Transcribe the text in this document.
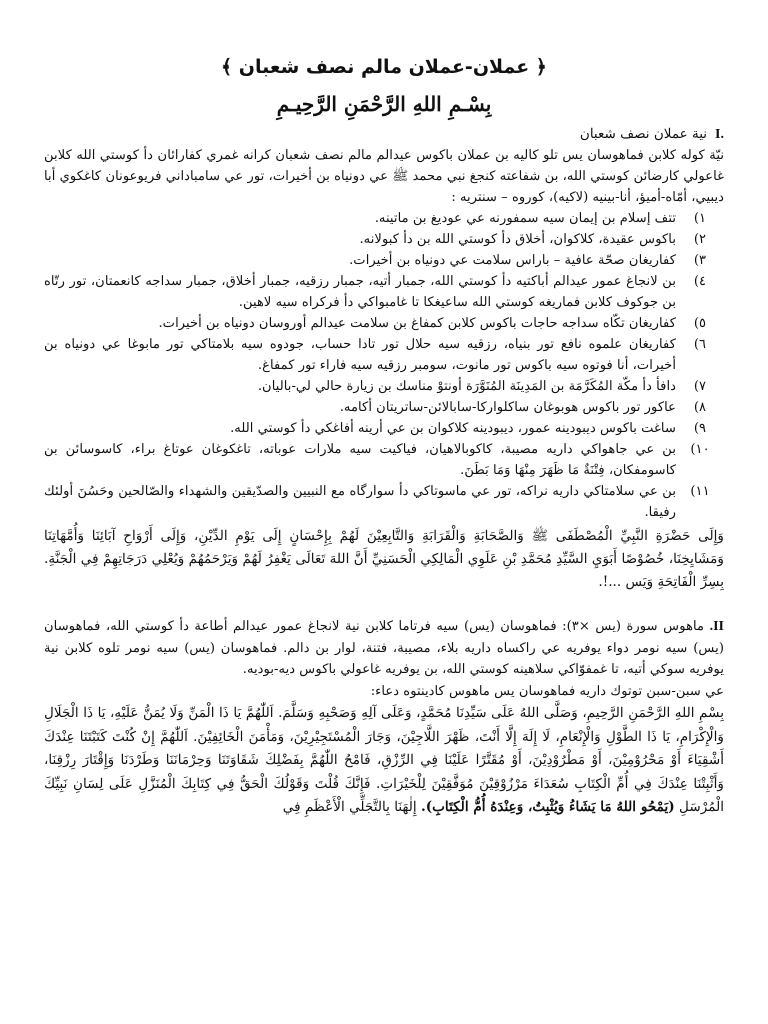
﴿ عملان-عملان مالم نصف شعبان ﴾
بِسْـمِ اللهِ الرَّحْمَنِ الرَّحِيـمِ
I.
نية عملان نصف شعبان

نيّة كوله كلابن فماهوسان يس تلو كاليه بن عملان باكوس عيدالم مالم نصف شعبان كرانه غمري كفارائان دأ كوستي الله كلابن غاعولي كارضائن كوستي الله، بن شفاعته كنجغ نبي محمد ﷺ عي دونياه بن أخيرات، تور عي سامباداني فريوعونان كاغكوي أبا ديبيي، أمّاه-أميؤ، أنا-بينيه (لاكيه)، كوروه – سنتريه :

١)
تتف إسلام بن إيمان سيه سمفورنه عي عوديغ بن ماتينه.
٢)
باكوس عقيدة، كلاكوان، أخلاق دأ كوستي الله بن دأ كبولانه.
٣)
كفاريغان صحّة عافية – باراس سلامت عي دونياه بن أخيرات.
٤)
بن لانجاغ عمور عيدالم أباكتيه دأ كوستي الله، جمبار أتيه، جمبار رزقيه، جمبار أخلاق، جمبار سداجه كانعمتان، تور رتّاه بن جوكوف كلابن فماريغه كوستي الله ساعيغكا تا غامبواكي دأ فركراه سيه لاهين.
٥)
كفاريغان تكّاه سداجه حاجات باكوس كلابن كمفاغ بن سلامت عيدالم أوروسان دونياه بن أخيرات.
٦)
كفاريغان علموه نافع تور بنياه، رزقيه سيه حلال تور تادا حساب، جودوه سيه بلامتاكي تور مابوغا عي دونياه بن أخيرات، أنا فوتوه سيه باكوس تور مانوت، سومبر رزقيه سيه فاراء تور كمفاغ.
٧)
دافأ دأ مكّة المُكَرَّمَة بن المَدِينَة المُنَوَّرَة أونتوْ مناسك بن زيارة حالي لي-باليان.
٨)
عاكور تور باكوس هوبوغان ساكلواركا-سابالائن-ساتريتان أكامه.
٩)
ساغت باكوس ديبودينه عمور، ديبودينه كلاكوان بن عي أرينه أفاغكي دأ كوستي الله.
١٠)
بن عي جاهواكي داريه مصيبة، كاكوبالاهيان، فياكيت سيه ملارات عوباته، تاغكوغان عوتاغ براء، كاسوسائن بن كاسومفكان، فِتْنَةٌ مَا ظَهَرَ مِنْهَا وَمَا بَطَنَ.
١١)
بن عي سلامتاكي داريه نراكه، تور عي ماسوتاكي دأ سوارگاه مع النبيين والصدّيقين والشهداء والصّالحين وحَسُنَ أولئك رفيقا.

وَإِلَى حَضْرَةِ النَّبِيِّ الْمُصْطَفَى ﷺ وَالصَّحَابَةِ وَالْقَرَابَةِ وَالتَّابِعِيْنَ لَهُمْ بِإِحْسَانٍ إِلَى يَوْمِ الدِّيْنِ، وَإِلَى أَرْوَاحِ آبَائِنَا وَأُمَّهَاتِنَا وَمَشَايِخِنَا، خُصُوْصًا أَبَوَيِ السَّيِّدِ مُحَمَّدِ بْنِ عَلَوِي الْمَالِكِي الْحَسَنِيِّ أَنَّ اللهَ تَعَالَى يَغْفِرُ لَهُمْ وَيَرْحَمُهُمْ وَيُعْلِي دَرَجَاتِهِمْ فِي الْجَنَّةِ. بِسِرِّ الْفَاتِحَةِ وَيَس ...!.

II. ماهوس سورة (يس ×٣): فماهوسان (يس) سيه فرتاما كلابن نية لانجاغ عمور عيدالم أطاعة دأ كوستي الله، فماهوسان (يس) سيه نومر دواء يوفريه عي راكساه داريه بلاء، مصيبة، فتنة، لوار بن دالم. فماهوسان (يس) سيه نومر تلوه كلابن نية يوفريه سوكي أتيه، تا غمفوّاكي سلاهينه كوستي الله، بن يوفريه غاعولي باكوس ديه-بوديه.

عي سبن-سبن توتوك داريه فماهوسان يس ماهوس كادينتوه دعاء:

بِسْمِ اللهِ الرَّحْمَنِ الرَّحِيمِ، وَصَلَّى اللهُ عَلَى سَيِّدِنَا مُحَمَّدٍ، وَعَلَى آلِهِ وَصَحْبِهِ وَسَلَّمَ. اَللّٰهُمَّ يَا ذَا الْمَنِّ وَلَا يُمَنُّ عَلَيْهِ، يَا ذَا الْجَلَالِ وَالْإِكْرَامِ، يَا ذَا الطَّوْلِ وَالْإِنْعَامِ، لَا إِلَهَ إِلَّا أَنْتَ، ظَهْرَ اللَّاجِيْنَ، وَجَارَ الْمُسْتَجِيْرِيْنَ، وَمَأْمَنَ الْخَائِفِيْنَ. اَللّٰهُمَّ إِنْ كُنْتَ كَتَبْتَنَا عِنْدَكَ أَشْقِيَاءَ أَوْ مَحْرُوْمِيْنَ، أَوْ مَطْرُوْدِيْنَ، أَوْ مُقَتَّرًا عَلَيْنَا فِي الرِّزْقِ، فَامْحُ اللّٰهُمَّ بِفَضْلِكَ شَقَاوَتَنَا وَحِرْمَانَنَا وَطَرْدَنَا وَإِقْتَارَ رِزْقِنَا، وَأَثْبِتْنَا عِنْدَكَ فِي أُمِّ الْكِتَابِ سُعَدَاءَ مَرْزُوْقِيْنَ مُوَفَّقِيْنَ لِلْخَيْرَاتِ. فَإِنَّكَ قُلْتَ وَقَوْلُكَ الْحَقُّ فِي كِتَابِكَ الْمُنَزَّلِ عَلَى لِسَانِ نَبِيِّكَ الْمُرْسَلِ (يَمْحُو اللهُ مَا يَشَاءُ وَيُثْبِتُ، وَعِنْدَهُ أُمُّ الْكِتَابِ). إِلٰهَنَا بِالتَّجَلِّي الْأَعْظَمِ فِي
